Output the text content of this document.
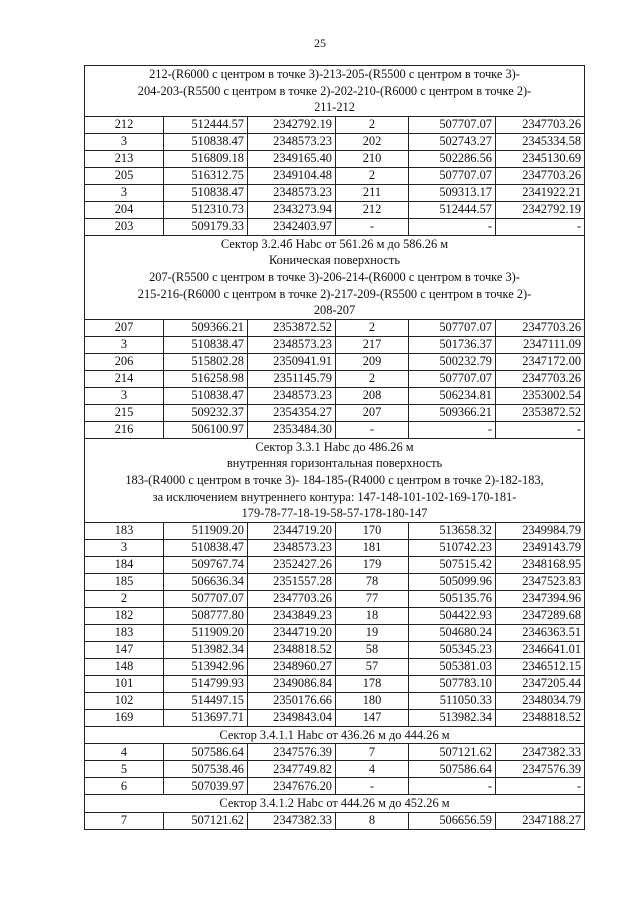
25
212-(R6000 с центром в точке 3)-213-205-(R5500 с центром в точке 3)-
204-203-(R5500 с центром в точке 2)-202-210-(R6000 с центром в точке 2)-
211-212					

212	512444.57	2342792.19	2	507707.07	2347703.26
3	510838.47	2348573.23	202	502743.27	2345334.58
213	516809.18	2349165.40	210	502286.56	2345130.69
205	516312.75	2349104.48	2	507707.07	2347703.26
3	510838.47	2348573.23	211	509313.17	2341922.21
204	512310.73	2343273.94	212	512444.57	2342792.19
203	509179.33	2342403.97	-	-	-

Сектор 3.2.4б Нabс от 561.26 м до 586.26 м
Коническая поверхность
207-(R5500 с центром в точке 3)-206-214-(R6000 с центром в точке 3)-
215-216-(R6000 с центром в точке 2)-217-209-(R5500 с центром в точке 2)-
208-207					

207	509366.21	2353872.52	2	507707.07	2347703.26
3	510838.47	2348573.23	217	501736.37	2347111.09
206	515802.28	2350941.91	209	500232.79	2347172.00
214	516258.98	2351145.79	2	507707.07	2347703.26
3	510838.47	2348573.23	208	506234.81	2353002.54
215	509232.37	2354354.27	207	509366.21	2353872.52
216	506100.97	2353484.30	-	-	-

Сектор 3.3.1 Нabс до 486.26 м
внутренняя горизонтальная поверхность
183-(R4000 с центром в точке 3)- 184-185-(R4000 с центром в точке 2)-182-183,
за исключением внутреннего контура: 147-148-101-102-169-170-181-
179-78-77-18-19-58-57-178-180-147					

183	511909.20	2344719.20	170	513658.32	2349984.79
3	510838.47	2348573.23	181	510742.23	2349143.79
184	509767.74	2352427.26	179	507515.42	2348168.95
185	506636.34	2351557.28	78	505099.96	2347523.83
2	507707.07	2347703.26	77	505135.76	2347394.96
182	508777.80	2343849.23	18	504422.93	2347289.68
183	511909.20	2344719.20	19	504680.24	2346363.51
147	513982.34	2348818.52	58	505345.23	2346641.01
148	513942.96	2348960.27	57	505381.03	2346512.15
101	514799.93	2349086.84	178	507783.10	2347205.44
102	514497.15	2350176.66	180	511050.33	2348034.79
169	513697.71	2349843.04	147	513982.34	2348818.52

Сектор 3.4.1.1 Нabс от 436.26 м до 444.26 м					

4	507586.64	2347576.39	7	507121.62	2347382.33
5	507538.46	2347749.82	4	507586.64	2347576.39
6	507039.97	2347676.20	-	-	-

Сектор 3.4.1.2 Нabс от 444.26 м до 452.26 м					

7	507121.62	2347382.33	8	506656.59	2347188.27
